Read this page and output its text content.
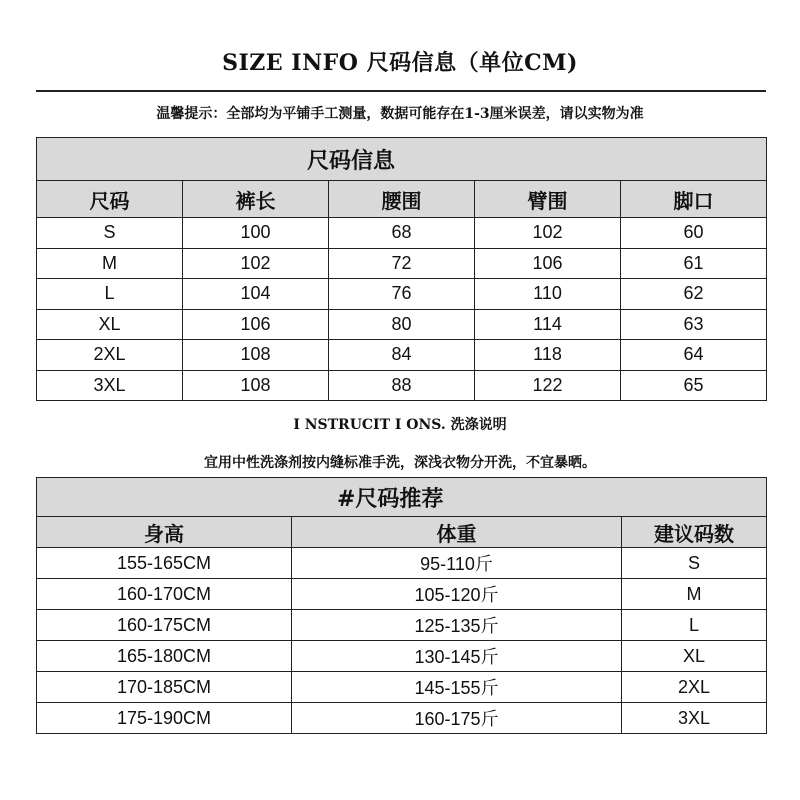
SIZE INFO 尺码信息（单位CM)
温馨提示：全部均为平铺手工测量，数据可能存在1-3厘米误差，请以实物为准
尺码信息				
尺码	裤长	腰围	臂围	脚口
S	100	68	102	60
M	102	72	106	61
L	104	76	110	62
XL	106	80	114	63
2XL	108	84	118	64
3XL	108	88	122	65
I NSTRUCIT I ONS. 洗涤说明
宜用中性洗涤剂按内缝标准手洗，深浅衣物分开洗，不宜暴晒。
#尺码推荐		
身高	体重	建议码数
155-165CM	95-110斤	S
160-170CM	105-120斤	M
160-175CM	125-135斤	L
165-180CM	130-145斤	XL
170-185CM	145-155斤	2XL
175-190CM	160-175斤	3XL
